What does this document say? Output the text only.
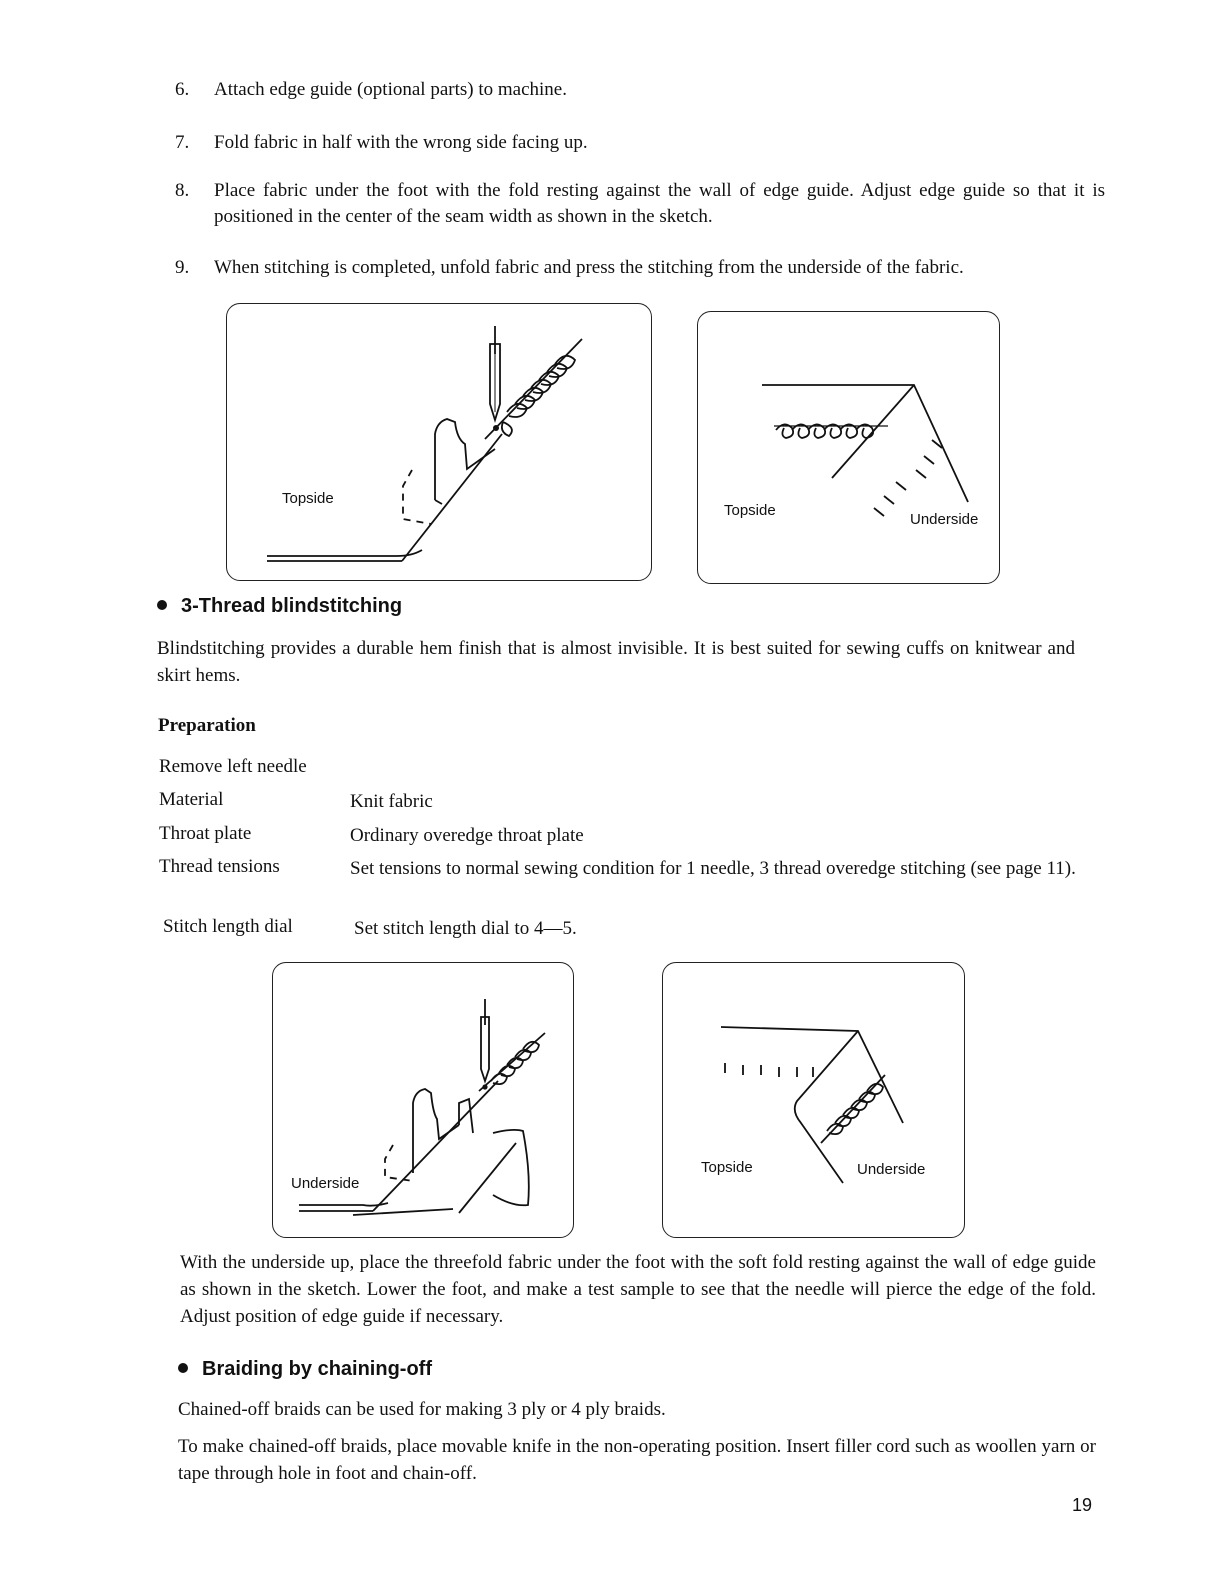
6.	Attach edge guide (optional parts) to machine.
7.	Fold fabric in half with the wrong side facing up.
8.	Place fabric under the foot with the fold resting against the wall of edge guide. Adjust edge guide so that it is positioned in the center of the seam width as shown in the sketch.
9.	When stitching is completed, unfold fabric and press the stitching from the underside of the fabric.
Topside
Topside
Underside
3-Thread blindstitching
Blindstitching provides a durable hem finish that is almost invisible. It is best suited for sewing cuffs on knitwear and skirt hems.
Preparation
Remove left needle
Material	Knit fabric
Throat plate	Ordinary overedge throat plate
Thread tensions	Set tensions to normal sewing condition for 1 needle, 3 thread overedge stitching (see page 11).
Stitch length dial	Set stitch length dial to 4—5.
Underside
Topside	Underside
With the underside up, place the threefold fabric under the foot with the soft fold resting against the wall of edge guide as shown in the sketch. Lower the foot, and make a test sample to see that the needle will pierce the edge of the fold. Adjust position of edge guide if necessary.
Braiding by chaining-off
Chained-off braids can be used for making 3 ply or 4 ply braids.
To make chained-off braids, place movable knife in the non-operating position. Insert filler cord such as woollen yarn or tape through hole in foot and chain-off.
19
